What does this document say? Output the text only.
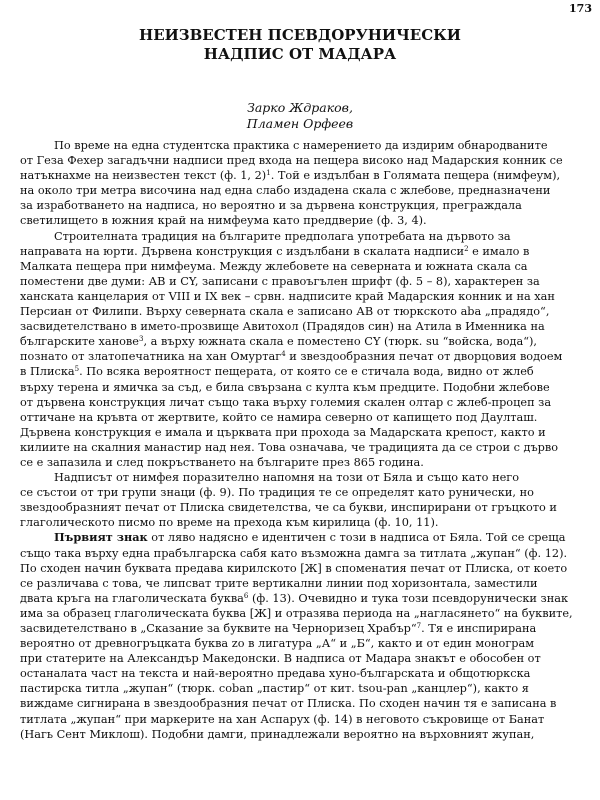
173
НЕИЗВЕСТЕН ПСЕВДОРУНИЧЕСКИ
НАДПИС ОТ МАДАРА
Зарко Ждраков,
Пламен Орфеев
По време на една студентска практика с намерението да издирим обнародваните
от Геза Фехер загадъчни надписи пред входа на пещера високо над Мадарския конник се
натъкнахме на неизвестен текст (ф. 1, 2)$^1$. Той е издълбан в Голямата пещера (нимфеум),
на около три метра височина над една слабо издадена скала с жлебове, предназначени
за изработването на надписа, но вероятно и за дървена конструкция, преграждала
светилището в южния край на нимфеума като преддверие (ф. 3, 4).
Строителната традиция на българите предполага употребата на дървото за
направата на юрти. Дървена конструкция с издълбани в скалата надписи$^2$ е имало в
Малката пещера при нимфеума. Между жлебовете на северната и южната скала са
поместени две думи: АВ и СY, записани с правоъгълен шрифт (ф. 5 – 8), характерен за
ханската канцелария от VIII и IX век – срвн. надписите край Мадарския конник и на хан
Персиан от Филипи. Върху северната скала е записано АВ от тюркското aba „прадядо“,
засвидетелствано в името-прозвище Авитохол (Прадядов син) на Атила в Именника на
българските ханове$^3$, а върху южната скала е поместено СY (тюрк. su “войска, вода“),
познато от златопечатника на хан Омуртаг$^4$ и звездообразния печат от дворцовия водоем
в Плиска$^5$. По всяка вероятност пещерата, от която се е стичала вода, видно от жлеб
върху терена и ямичка за съд, е била свързана с култа към предците. Подобни жлебове
от дървена конструкция личат също така върху големия скален олтар с жлеб-процеп за
оттичане на кръвта от жертвите, който се намира северно от капището под Даулташ.
Дървена конструкция е имала и църквата при прохода за Мадарската крепост, както и
килиите на скалния манастир над нея. Това означава, че традицията да се строи с дърво
се е запазила и след покръстването на българите през 865 година.
Надписът от нимфея поразително напомня на този от Бяла и също като него
се състои от три групи знаци (ф. 9). По традиция те се определят като рунически, но
звездообразният печат от Плиска свидетелства, че са букви, инспирирани от гръцкото и
глаголическото писмо по време на прехода към кирилица (ф. 10, 11).
Първият знак от ляво надясно е идентичен с този в надписа от Бяла. Той се среща
също така върху една прабългарска сабя като възможна дамга за титлата „жупан“ (ф. 12).
По сходен начин буквата предава кирилското [Ж] в споменатия печат от Плиска, от което
се различава с това, че липсват трите вертикални линии под хоризонтала, заместили
двата кръга на глаголическата буква$^6$ (ф. 13). Очевидно и тука този псевдорунически знак
има за образец глаголическата буква [Ж] и отразява периода на „нагласянето“ на буквите,
засвидетелствано в „Сказание за буквите на Черноризец Храбър“$^7$. Тя е инспирирана
вероятно от древногръцката буква zo в лигатура „А“ и „Б“, както и от един монограм
при статерите на Александър Македонски. В надписа от Мадара знакът е обособен от
останалата част на текста и най-вероятно предава хуно-българската и общотюркска
пастирска титла „жупан“ (тюрк. coban „пастир“ от кит. tsou-pan „канцлер“), както я
виждаме сигнирана в звездообразния печат от Плиска. По сходен начин тя е записана в
титлата „жупан“ при маркерите на хан Аспарух (ф. 14) в неговото съкровище от Банат
(Нагь Сент Миклош). Подобни дамги, принадлежали вероятно на върховният жупан,
